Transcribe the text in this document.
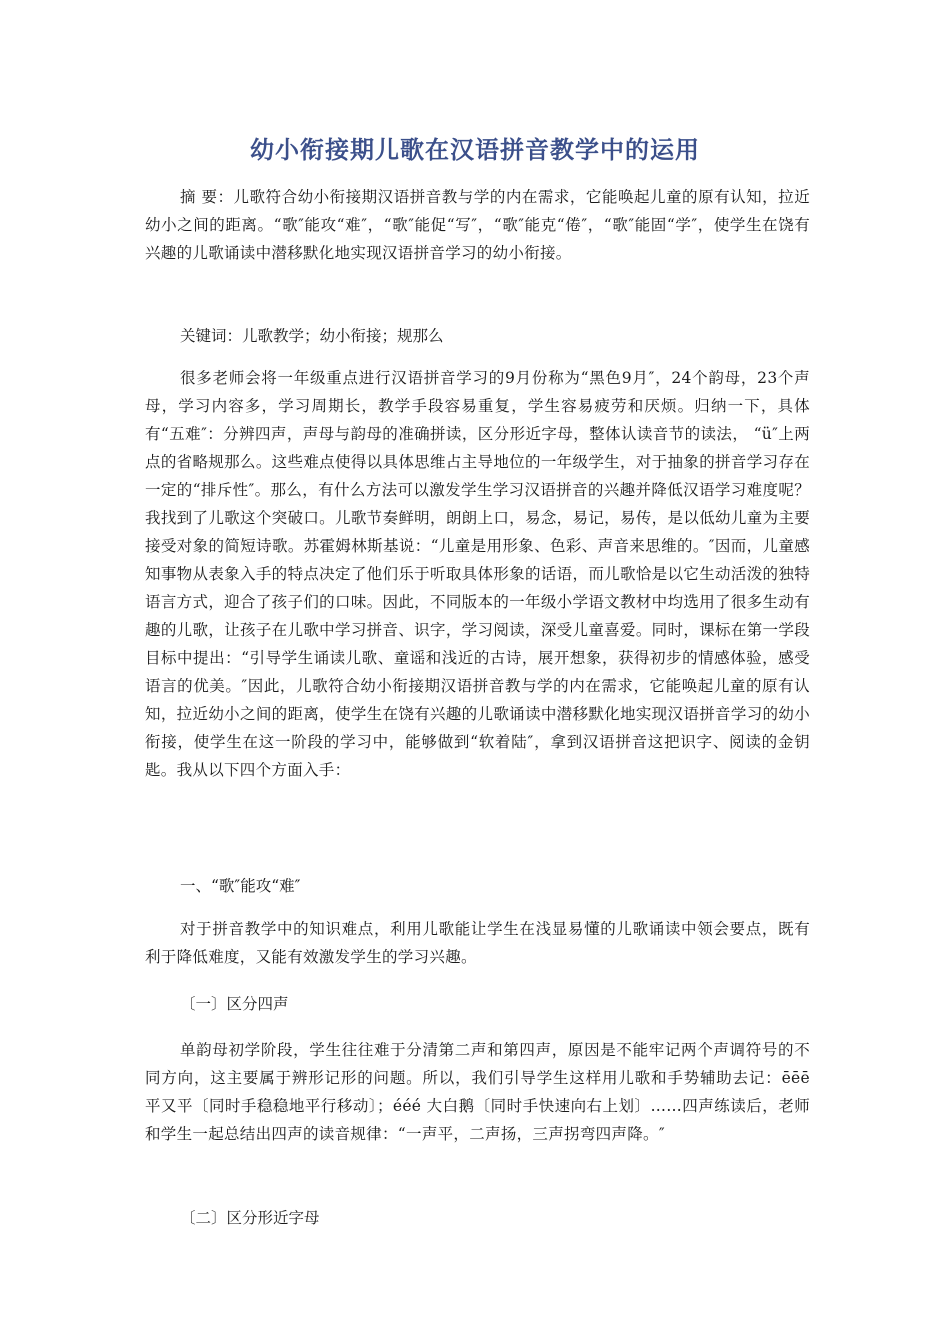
幼小衔接期儿歌在汉语拼音教学中的运用

摘 要：儿歌符合幼小衔接期汉语拼音教与学的内在需求，它能唤起儿童的原有认知，拉近幼小之间的距离。“歌″能攻“难″，“歌″能促“写″，“歌″能克“倦″，“歌″能固“学″，使学生在饶有兴趣的儿歌诵读中潜移默化地实现汉语拼音学习的幼小衔接。

关键词：儿歌教学；幼小衔接；规那么

很多老师会将一年级重点进行汉语拼音学习的9月份称为“黑色9月″，24个韵母，23个声母，学习内容多，学习周期长，教学手段容易重复，学生容易疲劳和厌烦。归纳一下，具体有“五难″：分辨四声，声母与韵母的准确拼读，区分形近字母，整体认读音节的读法， “ü″上两点的省略规那么。这些难点使得以具体思维占主导地位的一年级学生，对于抽象的拼音学习存在一定的“排斥性″。那么，有什么方法可以激发学生学习汉语拼音的兴趣并降低汉语学习难度呢？我找到了儿歌这个突破口。儿歌节奏鲜明，朗朗上口，易念，易记，易传，是以低幼儿童为主要接受对象的简短诗歌。苏霍姆林斯基说：“儿童是用形象、色彩、声音来思维的。″因而，儿童感知事物从表象入手的特点决定了他们乐于听取具体形象的话语，而儿歌恰是以它生动活泼的独特语言方式，迎合了孩子们的口味。因此，不同版本的一年级小学语文教材中均选用了很多生动有趣的儿歌，让孩子在儿歌中学习拼音、识字，学习阅读，深受儿童喜爱。同时，课标在第一学段目标中提出：“引导学生诵读儿歌、童谣和浅近的古诗，展开想象，获得初步的情感体验，感受语言的优美。″因此，儿歌符合幼小衔接期汉语拼音教与学的内在需求，它能唤起儿童的原有认知，拉近幼小之间的距离，使学生在饶有兴趣的儿歌诵读中潜移默化地实现汉语拼音学习的幼小衔接，使学生在这一阶段的学习中，能够做到“软着陆″，拿到汉语拼音这把识字、阅读的金钥匙。我从以下四个方面入手：

一、“歌″能攻“难″

对于拼音教学中的知识难点，利用儿歌能让学生在浅显易懂的儿歌诵读中领会要点，既有利于降低难度，又能有效激发学生的学习兴趣。

〔一〕区分四声

单韵母初学阶段，学生往往难于分清第二声和第四声，原因是不能牢记两个声调符号的不同方向，这主要属于辨形记形的问题。所以，我们引导学生这样用儿歌和手势辅助去记：ēēē 平又平〔同时手稳稳地平行移动〕；ééé 大白鹅〔同时手快速向右上划〕……四声练读后，老师和学生一起总结出四声的读音规律：“一声平，二声扬，三声拐弯四声降。″

〔二〕区分形近字母
